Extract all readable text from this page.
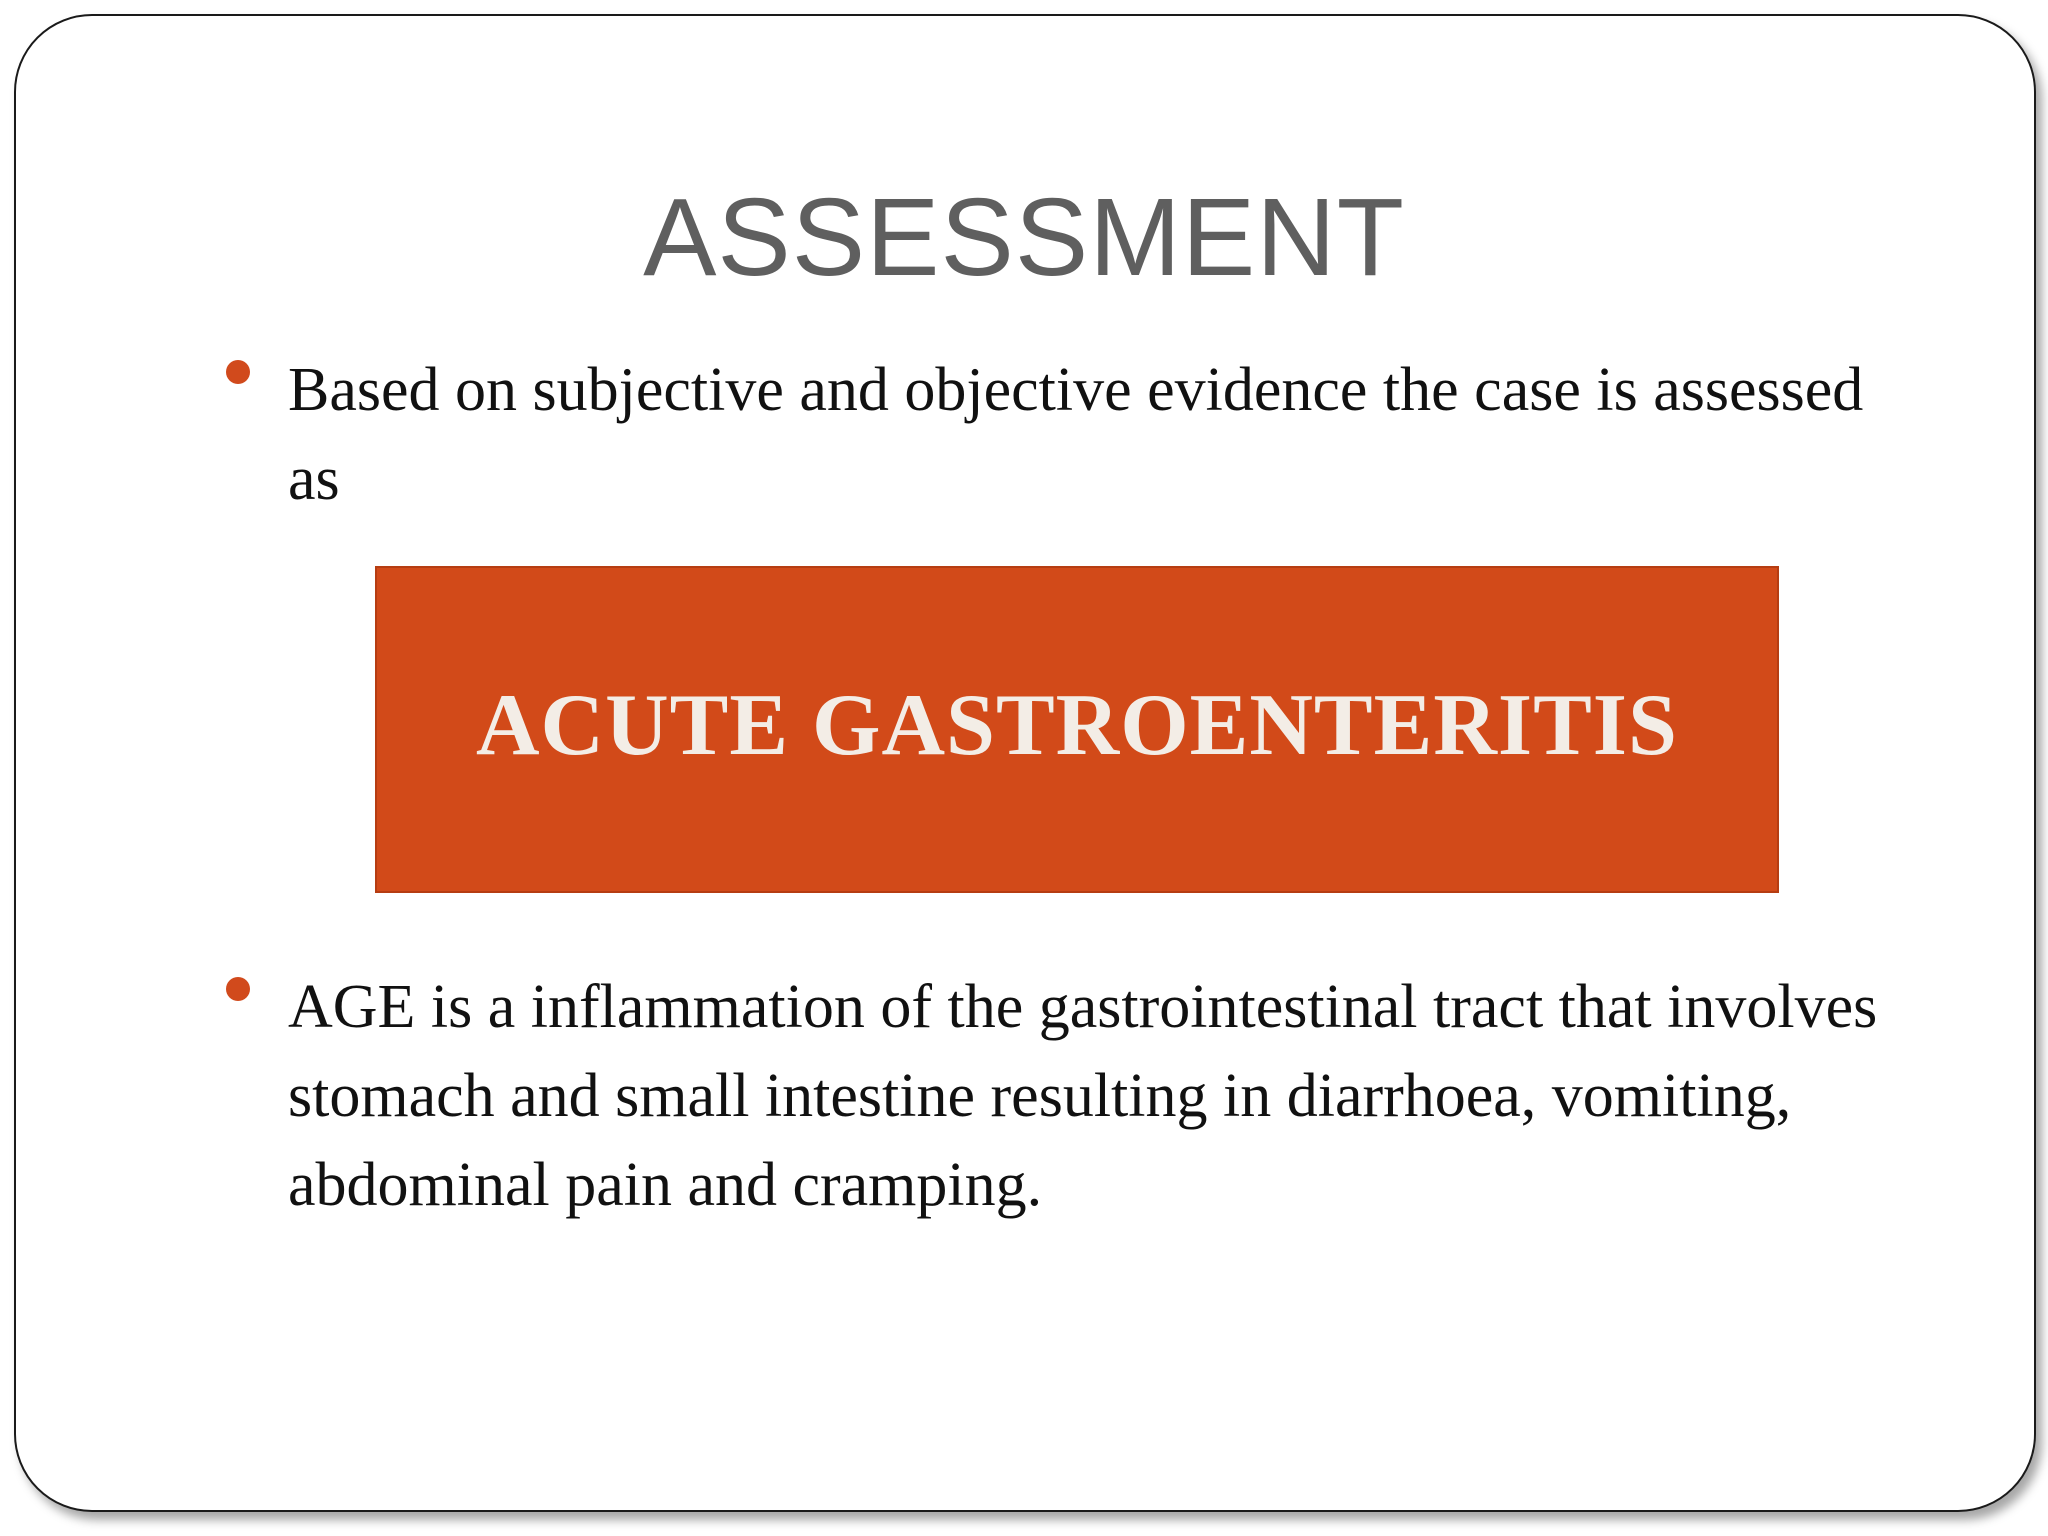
ASSESSMENT
Based on subjective and objective evidence the case is assessed as
ACUTE GASTROENTERITIS
AGE is a inflammation of the gastrointestinal tract that involves stomach and small intestine resulting in diarrhoea, vomiting, abdominal pain and cramping.
